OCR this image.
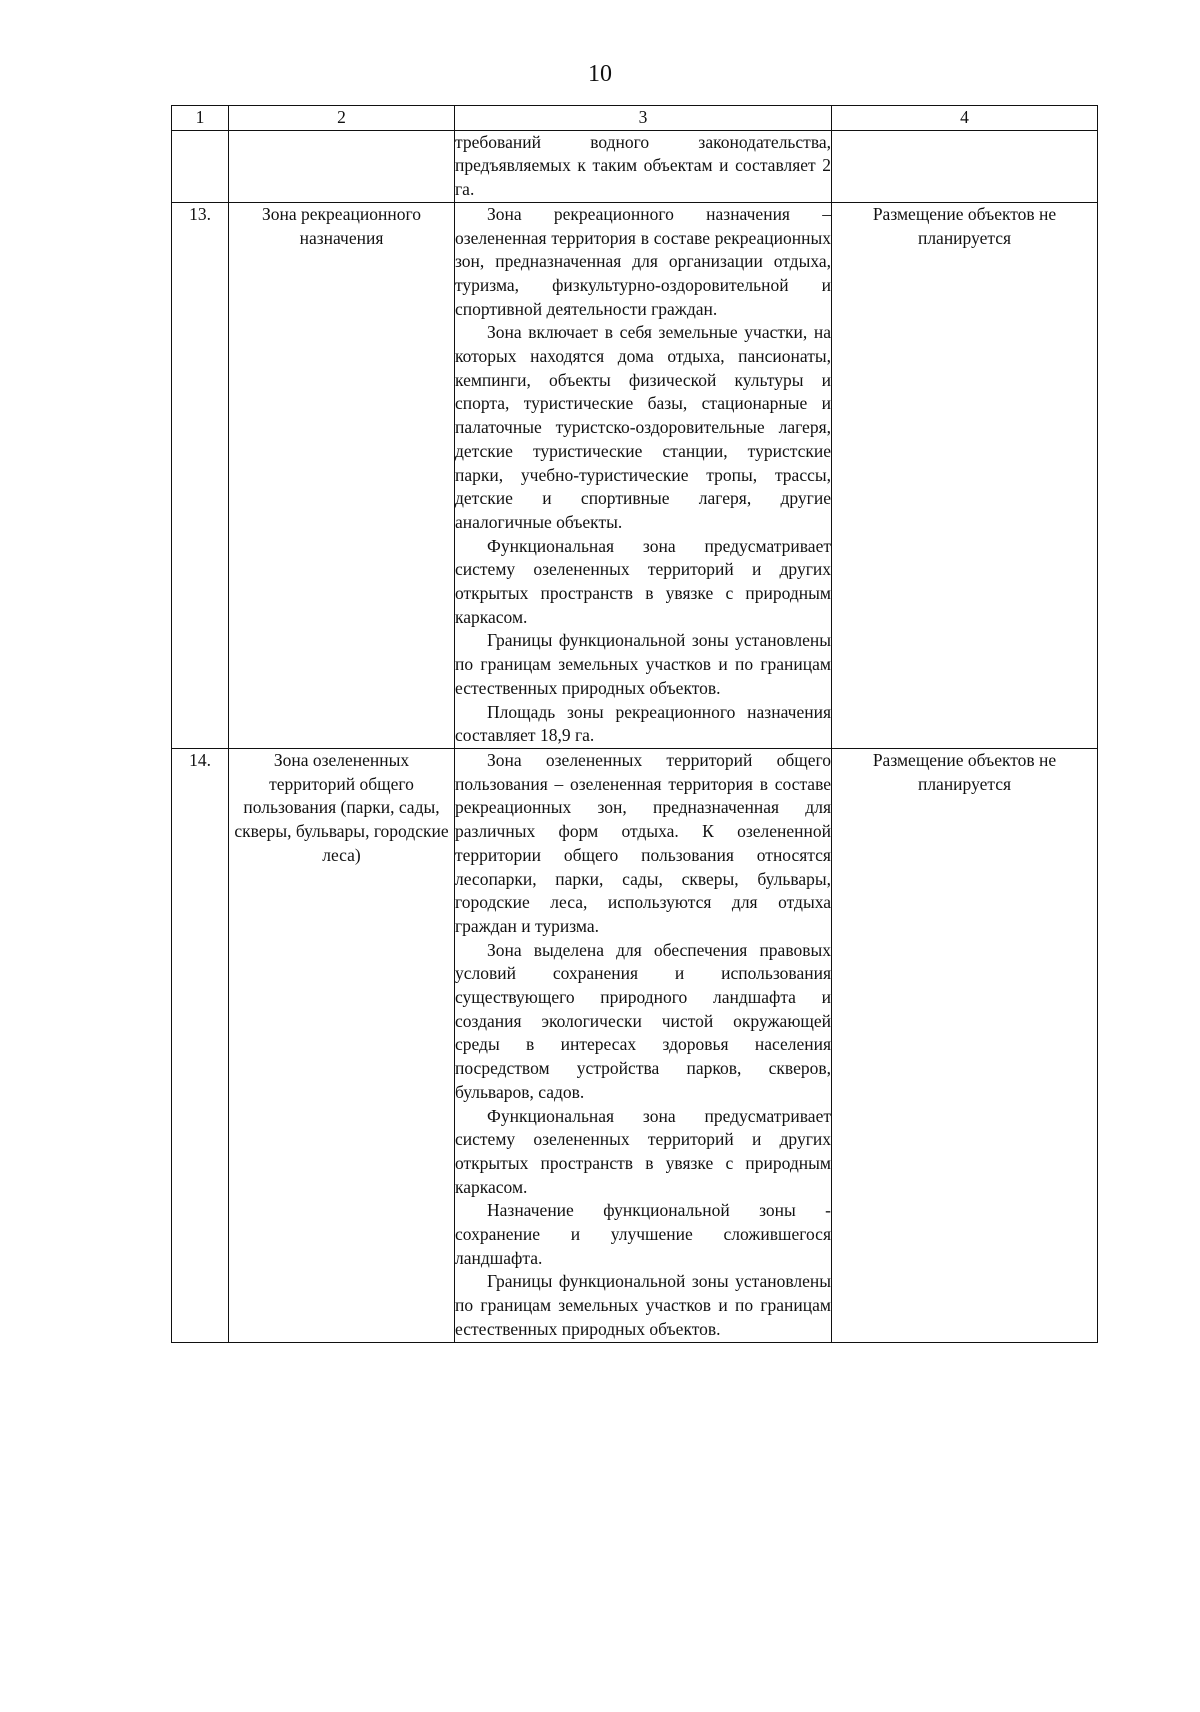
10
1	2	3	4

		требований водного законодательства, предъявляемых к таким объектам и составляет 2 га.	

13.	Зона рекреационного назначения	Зона рекреационного назначения – озелененная территория в составе рекреационных зон, предназначенная для организации отдыха, туризма, физкультурно-оздоровительной и спортивной деятельности граждан.

Зона включает в себя земельные участки, на которых находятся дома отдыха, пансионаты, кемпинги, объекты физической культуры и спорта, туристические базы, стационарные и палаточные туристско-оздоровительные лагеря, детские туристические станции, туристские парки, учебно-туристические тропы, трассы, детские и спортивные лагеря, другие аналогичные объекты.

Функциональная зона предусматривает систему озелененных территорий и других открытых пространств в увязке с природным каркасом.

Границы функциональной зоны установлены по границам земельных участков и по границам естественных природных объектов.

Площадь зоны рекреационного назначения составляет 18,9 га.	Размещение объектов не планируется
14.	Зона озелененных территорий общего пользования (парки, сады, скверы, бульвары, городские леса)	Зона озелененных территорий общего пользования – озелененная территория в составе рекреационных зон, предназначенная для различных форм отдыха. К озелененной территории общего пользования относятся лесопарки, парки, сады, скверы, бульвары, городские леса, используются для отдыха граждан и туризма.

Зона выделена для обеспечения правовых условий сохранения и использования существующего природного ландшафта и создания экологически чистой окружающей среды в интересах здоровья населения посредством устройства парков, скверов, бульваров, садов.

Функциональная зона предусматривает систему озелененных территорий и других открытых пространств в увязке с природным каркасом.

Назначение функциональной зоны - сохранение и улучшение сложившегося ландшафта.

Границы функциональной зоны установлены по границам земельных участков и по границам естественных природных объектов.	Размещение объектов не планируется
